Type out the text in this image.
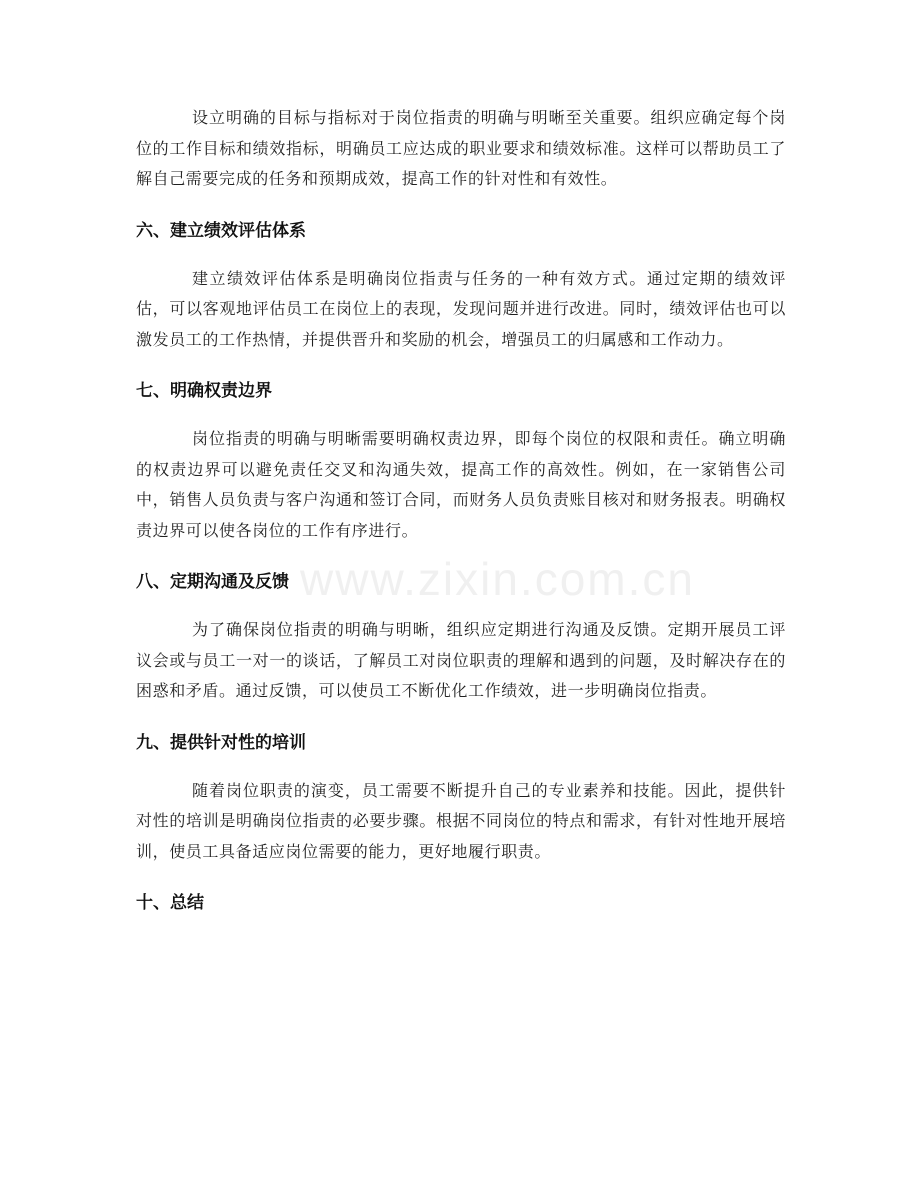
www.zixin.com.cn

设立明确的目标与指标对于岗位指责的明确与明晰至关重要。组织应确定每个岗位的工作目标和绩效指标，明确员工应达成的职业要求和绩效标准。这样可以帮助员工了解自己需要完成的任务和预期成效，提高工作的针对性和有效性。

六、建立绩效评估体系

建立绩效评估体系是明确岗位指责与任务的一种有效方式。通过定期的绩效评估，可以客观地评估员工在岗位上的表现，发现问题并进行改进。同时，绩效评估也可以激发员工的工作热情，并提供晋升和奖励的机会，增强员工的归属感和工作动力。

七、明确权责边界

岗位指责的明确与明晰需要明确权责边界，即每个岗位的权限和责任。确立明确的权责边界可以避免责任交叉和沟通失效，提高工作的高效性。例如，在一家销售公司中，销售人员负责与客户沟通和签订合同，而财务人员负责账目核对和财务报表。明确权责边界可以使各岗位的工作有序进行。

八、定期沟通及反馈

为了确保岗位指责的明确与明晰，组织应定期进行沟通及反馈。定期开展员工评议会或与员工一对一的谈话，了解员工对岗位职责的理解和遇到的问题，及时解决存在的困惑和矛盾。通过反馈，可以使员工不断优化工作绩效，进一步明确岗位指责。

九、提供针对性的培训

随着岗位职责的演变，员工需要不断提升自己的专业素养和技能。因此，提供针对性的培训是明确岗位指责的必要步骤。根据不同岗位的特点和需求，有针对性地开展培训，使员工具备适应岗位需要的能力，更好地履行职责。

十、总结
